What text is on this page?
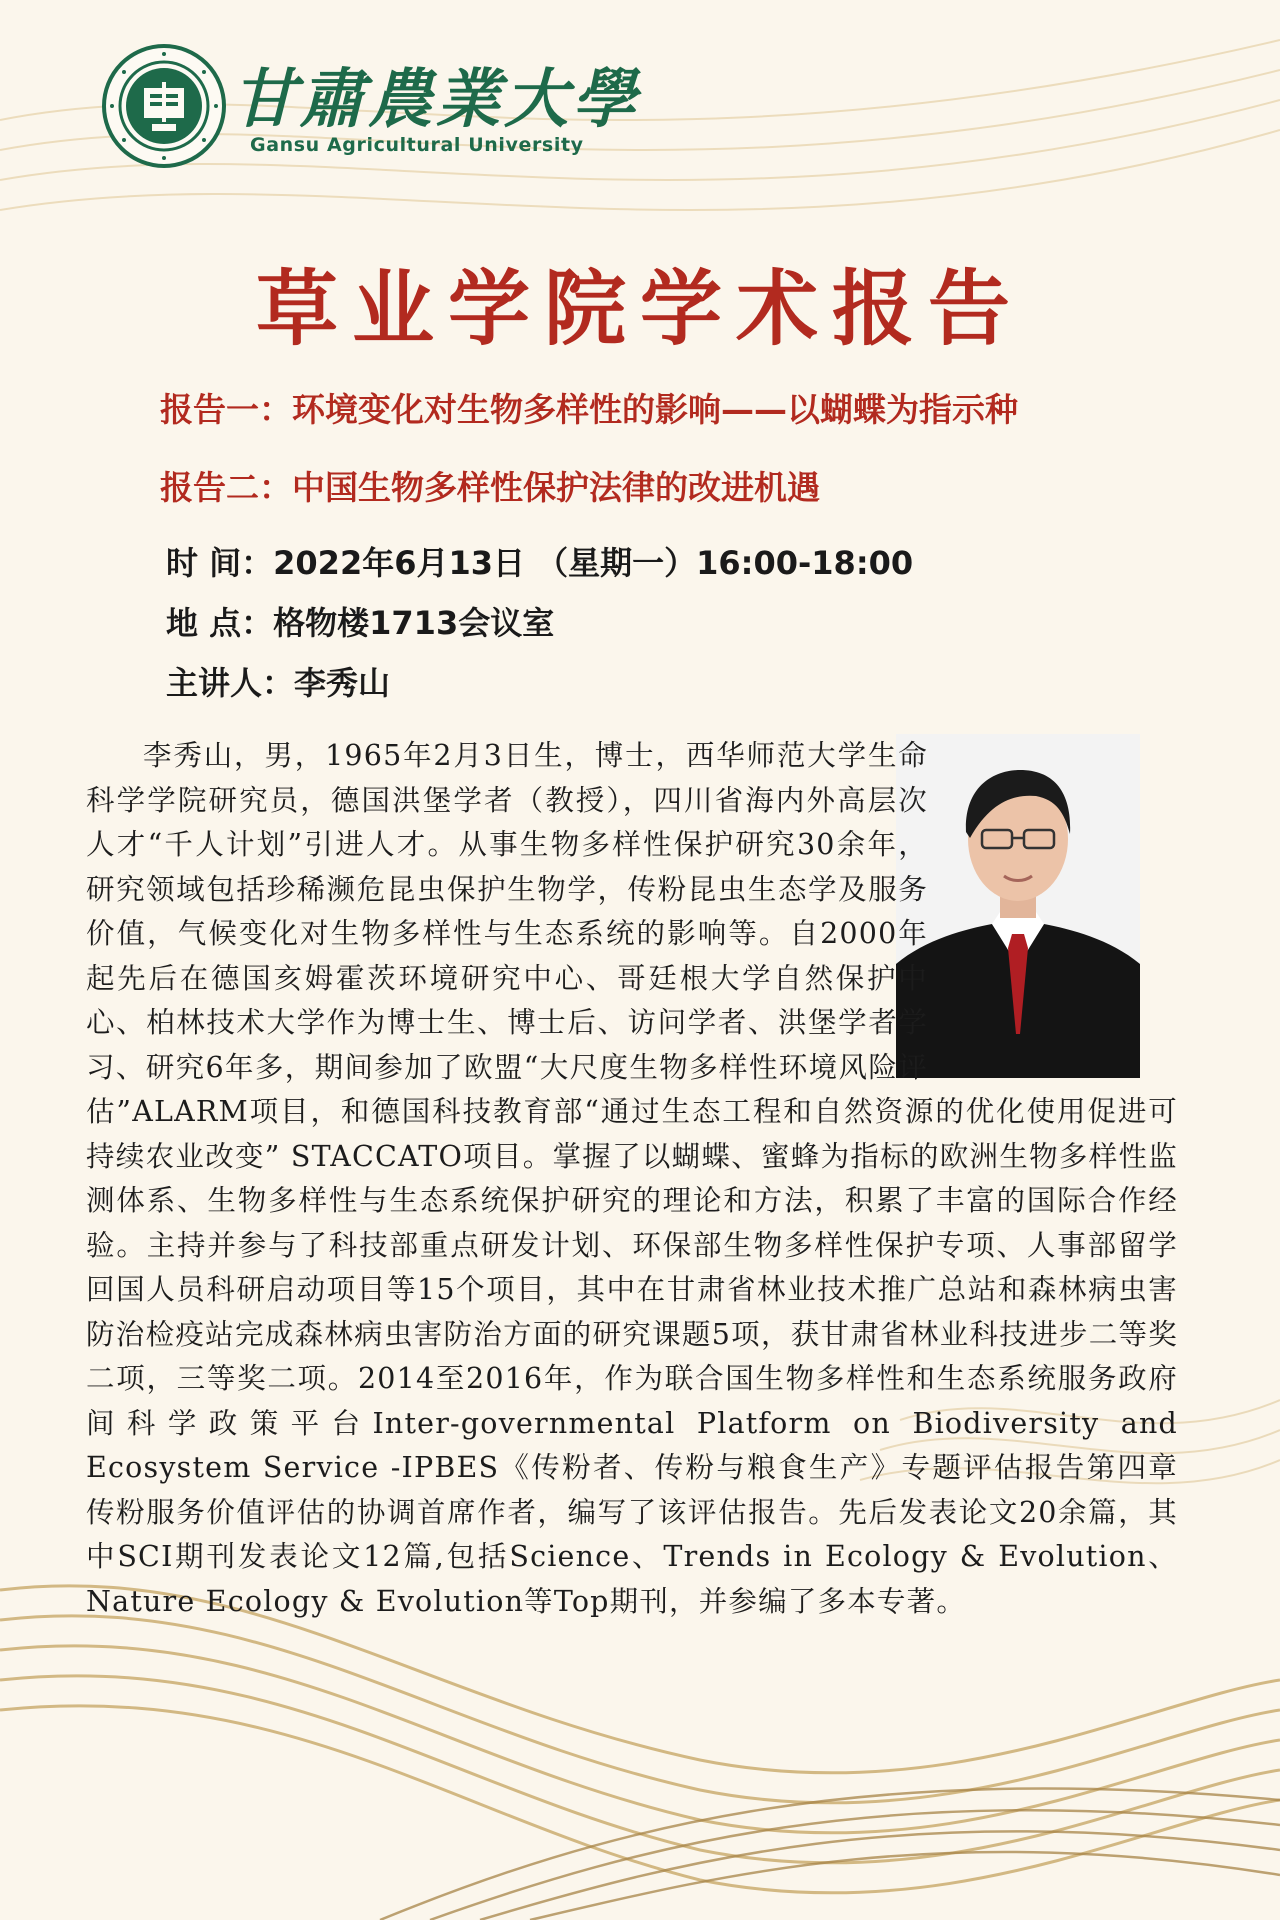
甘肅農業大學
Gansu Agricultural University
草业学院学术报告
报告一：环境变化对生物多样性的影响——以蝴蝶为指示种
报告二：中国生物多样性保护法律的改进机遇
时 间：2022年6月13日 （星期一）16:00-18:00
地 点：格物楼1713会议室
主讲人：李秀山

李秀山，男，1965年2月3日生，博士，西华师范大学生命科学学院研究员，德国洪堡学者（教授），四川省海内外高层次人才“千人计划”引进人才。从事生物多样性保护研究30余年，研究领域包括珍稀濒危昆虫保护生物学，传粉昆虫生态学及服务价值，气候变化对生物多样性与生态系统的影响等。自2000年起先后在德国亥姆霍茨环境研究中心、哥廷根大学自然保护中心、柏林技术大学作为博士生、博士后、访问学者、洪堡学者学习、研究6年多，期间参加了欧盟“大尺度生物多样性环境风险评估”ALARM项目，和德国科技教育部“通过生态工程和自然资源的优化使用促进可持续农业改变” STACCATO项目。掌握了以蝴蝶、蜜蜂为指标的欧洲生物多样性监测体系、生物多样性与生态系统保护研究的理论和方法，积累了丰富的国际合作经验。主持并参与了科技部重点研发计划、环保部生物多样性保护专项、人事部留学回国人员科研启动项目等15个项目，其中在甘肃省林业技术推广总站和森林病虫害防治检疫站完成森林病虫害防治方面的研究课题5项，获甘肃省林业科技进步二等奖二项，三等奖二项。2014至2016年，作为联合国生物多样性和生态系统服务政府间科学政策平台Inter-governmental Platform on Biodiversity and Ecosystem Service -IPBES《传粉者、传粉与粮食生产》专题评估报告第四章传粉服务价值评估的协调首席作者，编写了该评估报告。先后发表论文20余篇，其中SCI期刊发表论文12篇,包括Science、Trends in Ecology & Evolution、Nature Ecology & Evolution等Top期刊，并参编了多本专著。
